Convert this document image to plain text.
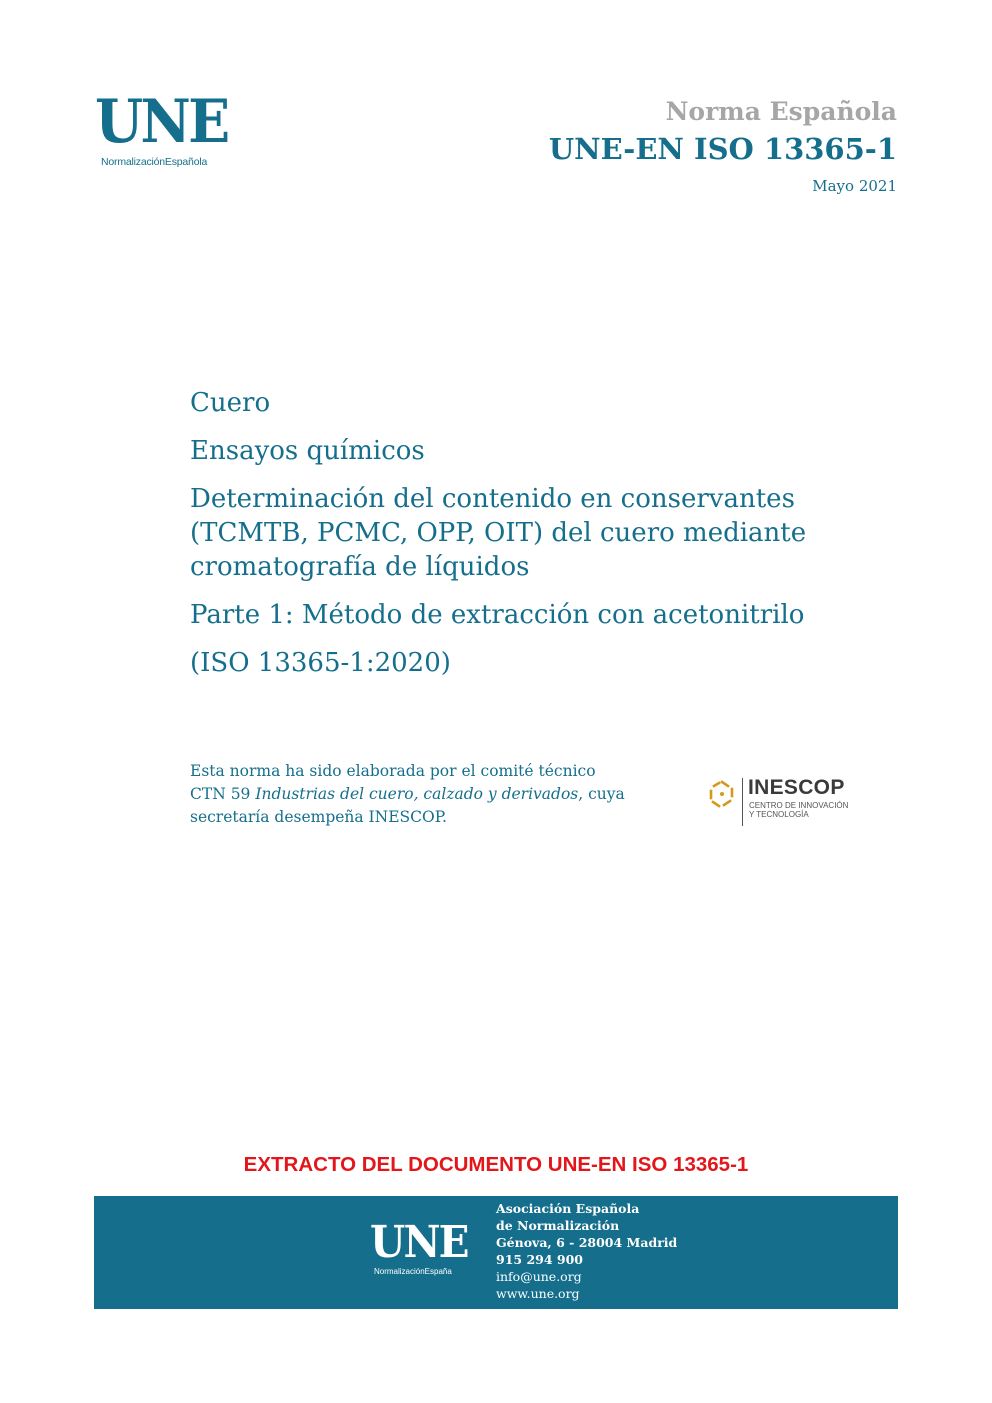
UNE
NormalizaciónEspañola
Norma Española
UNE-EN ISO 13365-1
Mayo 2021

Cuero

Ensayos químicos

Determinación del contenido en conservantes (TCMTB, PCMC, OPP, OIT) del cuero mediante cromatografía de líquidos

Parte 1: Método de extracción con acetonitrilo

(ISO 13365-1:2020)

Esta norma ha sido elaborada por el comité técnico
CTN 59 Industrias del cuero, calzado y derivados, cuya
secretaría desempeña INESCOP.
INESCOP
CENTRO DE INNOVACIÓN
Y TECNOLOGÍA
EXTRACTO DEL DOCUMENTO UNE-EN ISO 13365-1
UNE
NormalizaciónEspaña
Asociación Española
de Normalización
Génova, 6 - 28004 Madrid
915 294 900
info@une.org
www.une.org
